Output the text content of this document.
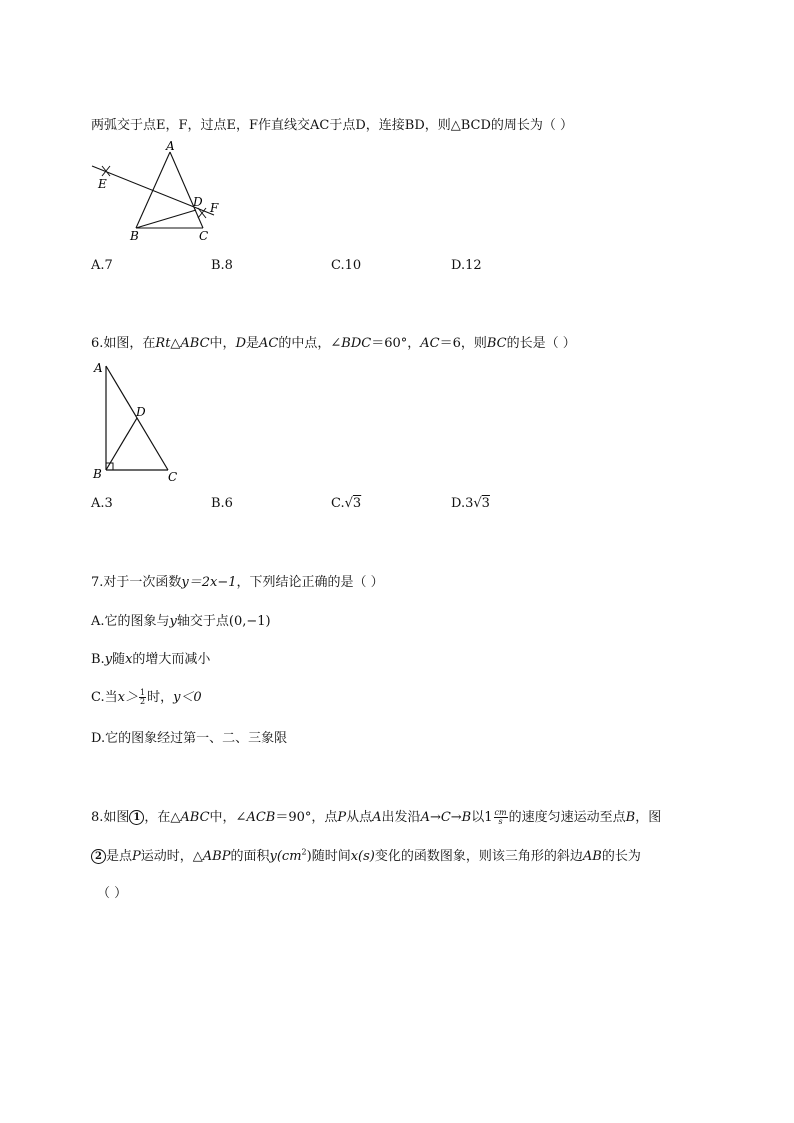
两弧交于点E，F，过点E，F作直线交AC于点D，连接BD，则△BCD的周长为（ ）
A
E
D F
B	C
A.7	B.8	C.10	D.12
6.如图，在Rt△ABC中，D是AC的中点，∠BDC＝60°，AC＝6，则BC的长是（ ）
A
D
B	C
A.3	B.6	C.√3	D.3√3
7.对于一次函数y＝2x−1，下列结论正确的是（ ）
A.它的图象与y轴交于点(0,−1)
B.y随x的增大而减小
C.当$x> \frac{1}{2}$ 时，y＜0
D.它的图象经过第一、二、三象限
8.如图 1 ，在△ABC中，∠ACB＝90°，点P从点A出发沿A→C→B以$1 \frac{cm}{s}$ 的速度匀速运动至点B，图
2 是点P运动时，△ABP的面积$y(cm^2)$随时间x(s)变化的函数图象，则该三角形的斜边AB的长为
（ ）
